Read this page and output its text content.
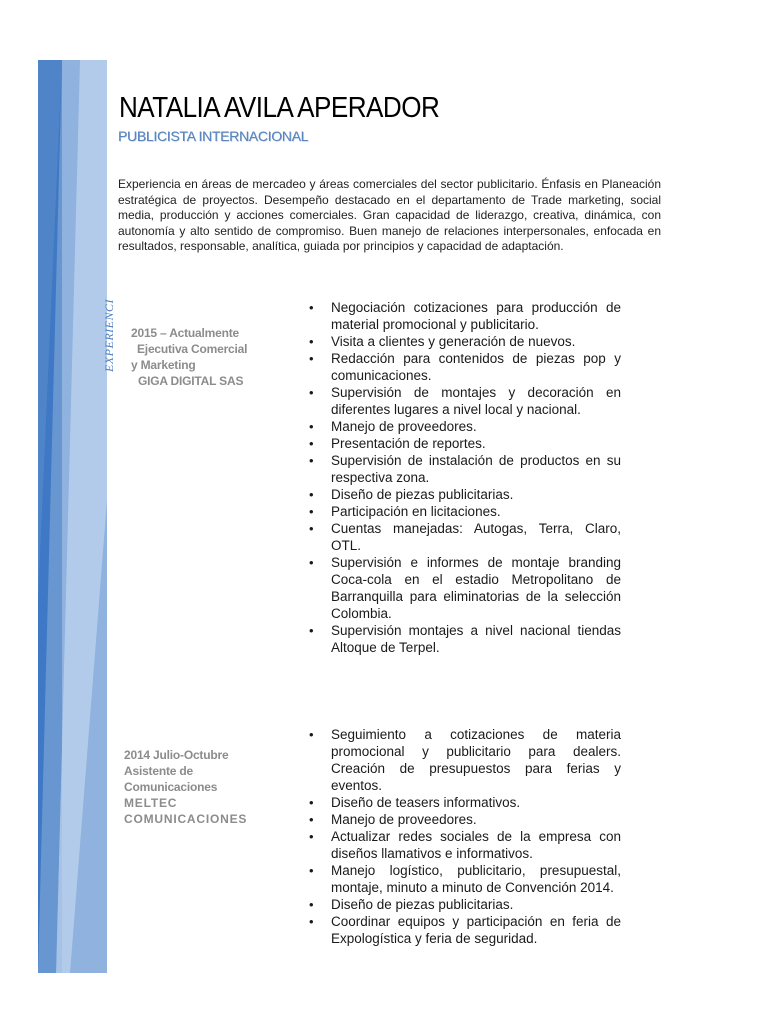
NATALIA AVILA APERADOR

PUBLICISTA INTERNACIONAL

Experiencia en áreas de mercadeo y áreas comerciales del sector publicitario. Énfasis en Planeación estratégica de proyectos. Desempeño destacado en el departamento de Trade marketing, social media, producción y acciones comerciales. Gran capacidad de liderazgo, creativa, dinámica, con autonomía y alto sentido de compromiso. Buen manejo de relaciones interpersonales, enfocada en resultados, responsable, analítica, guiada por principios y capacidad de adaptación.

EXPERIENCI 2015 – Actualmente
Ejecutiva Comercial
y Marketing
GIGA DIGITAL SAS
• Negociación cotizaciones para producción de material promocional y publicitario.
• Visita a clientes y generación de nuevos.
• Redacción para contenidos de piezas pop y comunicaciones.
• Supervisión de montajes y decoración en diferentes lugares a nivel local y nacional.
• Manejo de proveedores.
• Presentación de reportes.
• Supervisión de instalación de productos en su respectiva zona.
• Diseño de piezas publicitarias.
• Participación en licitaciones.
• Cuentas manejadas: Autogas, Terra, Claro, OTL.
• Supervisión e informes de montaje branding Coca-cola en el estadio Metropolitano de Barranquilla para eliminatorias de la selección Colombia.
• Supervisión montajes a nivel nacional tiendas Altoque de Terpel.
2014 Julio-Octubre
Asistente de
Comunicaciones
MELTEC
COMUNICACIONES
• Seguimiento a cotizaciones de materia promocional y publicitario para dealers. Creación de presupuestos para ferias y eventos.
• Diseño de teasers informativos.
• Manejo de proveedores.
• Actualizar redes sociales de la empresa con diseños llamativos e informativos.
• Manejo logístico, publicitario, presupuestal, montaje, minuto a minuto de Convención 2014.
• Diseño de piezas publicitarias.
• Coordinar equipos y participación en feria de Expologística y feria de seguridad.
